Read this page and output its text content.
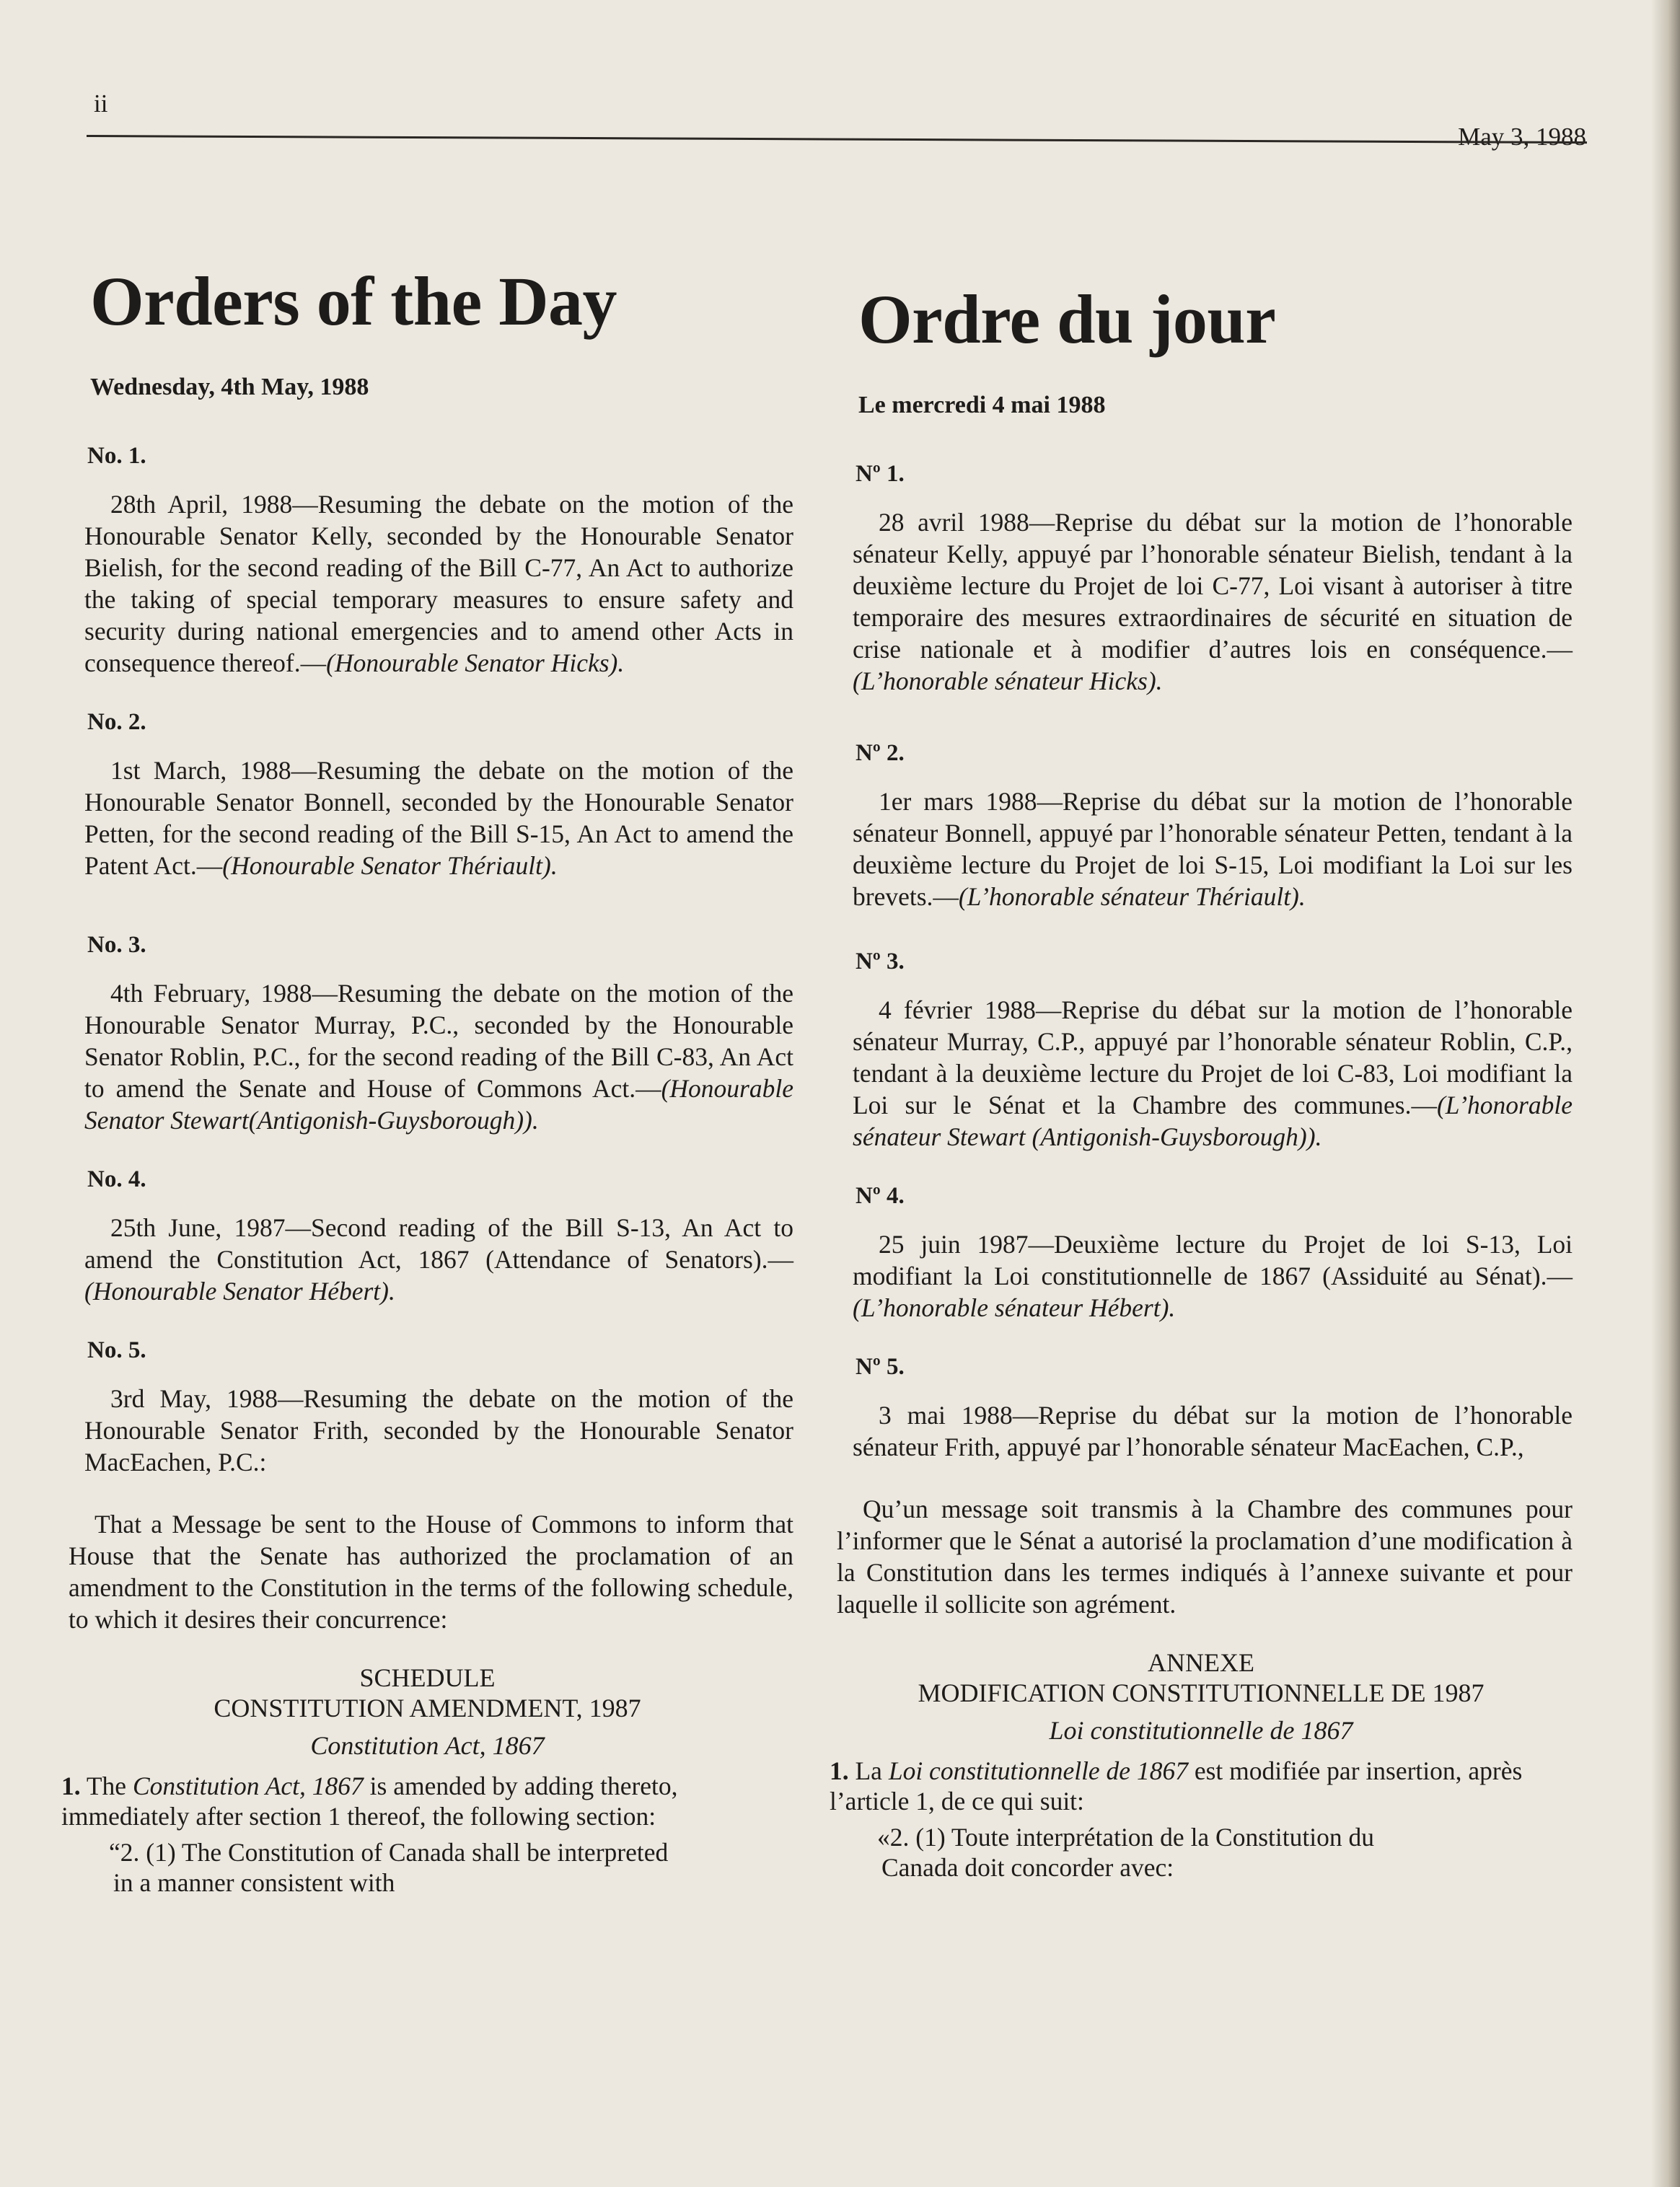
ii
May 3, 1988
Orders of the Day
Wednesday, 4th May, 1988
No. 1.
28th April, 1988—Resuming the debate on the motion of the Honourable Senator Kelly, seconded by the Honourable Senator Bielish, for the second reading of the Bill C-77, An Act to authorize the taking of special temporary measures to ensure safety and security during national emergencies and to amend other Acts in consequence thereof.—(Honourable Senator Hicks).
No. 2.
1st March, 1988—Resuming the debate on the motion of the Honourable Senator Bonnell, seconded by the Honourable Senator Petten, for the second reading of the Bill S-15, An Act to amend the Patent Act.—(Honourable Senator Thériault).
No. 3.
4th February, 1988—Resuming the debate on the motion of the Honourable Senator Murray, P.C., seconded by the Honourable Senator Roblin, P.C., for the second reading of the Bill C-83, An Act to amend the Senate and House of Commons Act.—(Honourable Senator Stewart(Antigonish-Guysborough)).
No. 4.
25th June, 1987—Second reading of the Bill S-13, An Act to amend the Constitution Act, 1867 (Attendance of Senators).—(Honourable Senator Hébert).
No. 5.
3rd May, 1988—Resuming the debate on the motion of the Honourable Senator Frith, seconded by the Honourable Senator MacEachen, P.C.:
That a Message be sent to the House of Commons to inform that House that the Senate has authorized the proclamation of an amendment to the Constitution in the terms of the following schedule, to which it desires their concurrence:
SCHEDULE
CONSTITUTION AMENDMENT, 1987
Constitution Act, 1867
1. The Constitution Act, 1867 is amended by adding thereto, immediately after section 1 thereof, the following section:
“2. (1) The Constitution of Canada shall be interpreted
in a manner consistent with
Ordre du jour
Le mercredi 4 mai 1988
Nº 1.
28 avril 1988—Reprise du débat sur la motion de l’honorable sénateur Kelly, appuyé par l’honorable sénateur Bielish, tendant à la deuxième lecture du Projet de loi C-77, Loi visant à autoriser à titre temporaire des mesures extraordinaires de sécurité en situation de crise nationale et à modifier d’autres lois en conséquence.—(L’honorable sénateur Hicks).
Nº 2.
1er mars 1988—Reprise du débat sur la motion de l’honorable sénateur Bonnell, appuyé par l’honorable sénateur Petten, tendant à la deuxième lecture du Projet de loi S-15, Loi modifiant la Loi sur les brevets.—(L’honorable sénateur Thériault).
Nº 3.
4 février 1988—Reprise du débat sur la motion de l’honorable sénateur Murray, C.P., appuyé par l’honorable sénateur Roblin, C.P., tendant à la deuxième lecture du Projet de loi C-83, Loi modifiant la Loi sur le Sénat et la Chambre des communes.—(L’honorable sénateur Stewart (Antigonish-Guysborough)).
Nº 4.
25 juin 1987—Deuxième lecture du Projet de loi S-13, Loi modifiant la Loi constitutionnelle de 1867 (Assiduité au Sénat).—(L’honorable sénateur Hébert).
Nº 5.
3 mai 1988—Reprise du débat sur la motion de l’honorable sénateur Frith, appuyé par l’honorable sénateur MacEachen, C.P.,
Qu’un message soit transmis à la Chambre des communes pour l’informer que le Sénat a autorisé la proclamation d’une modification à la Constitution dans les termes indiqués à l’annexe suivante et pour laquelle il sollicite son agrément.
ANNEXE
MODIFICATION CONSTITUTIONNELLE DE 1987
Loi constitutionnelle de 1867
1. La Loi constitutionnelle de 1867 est modifiée par insertion, après l’article 1, de ce qui suit:
«2. (1) Toute interprétation de la Constitution du
Canada doit concorder avec:
